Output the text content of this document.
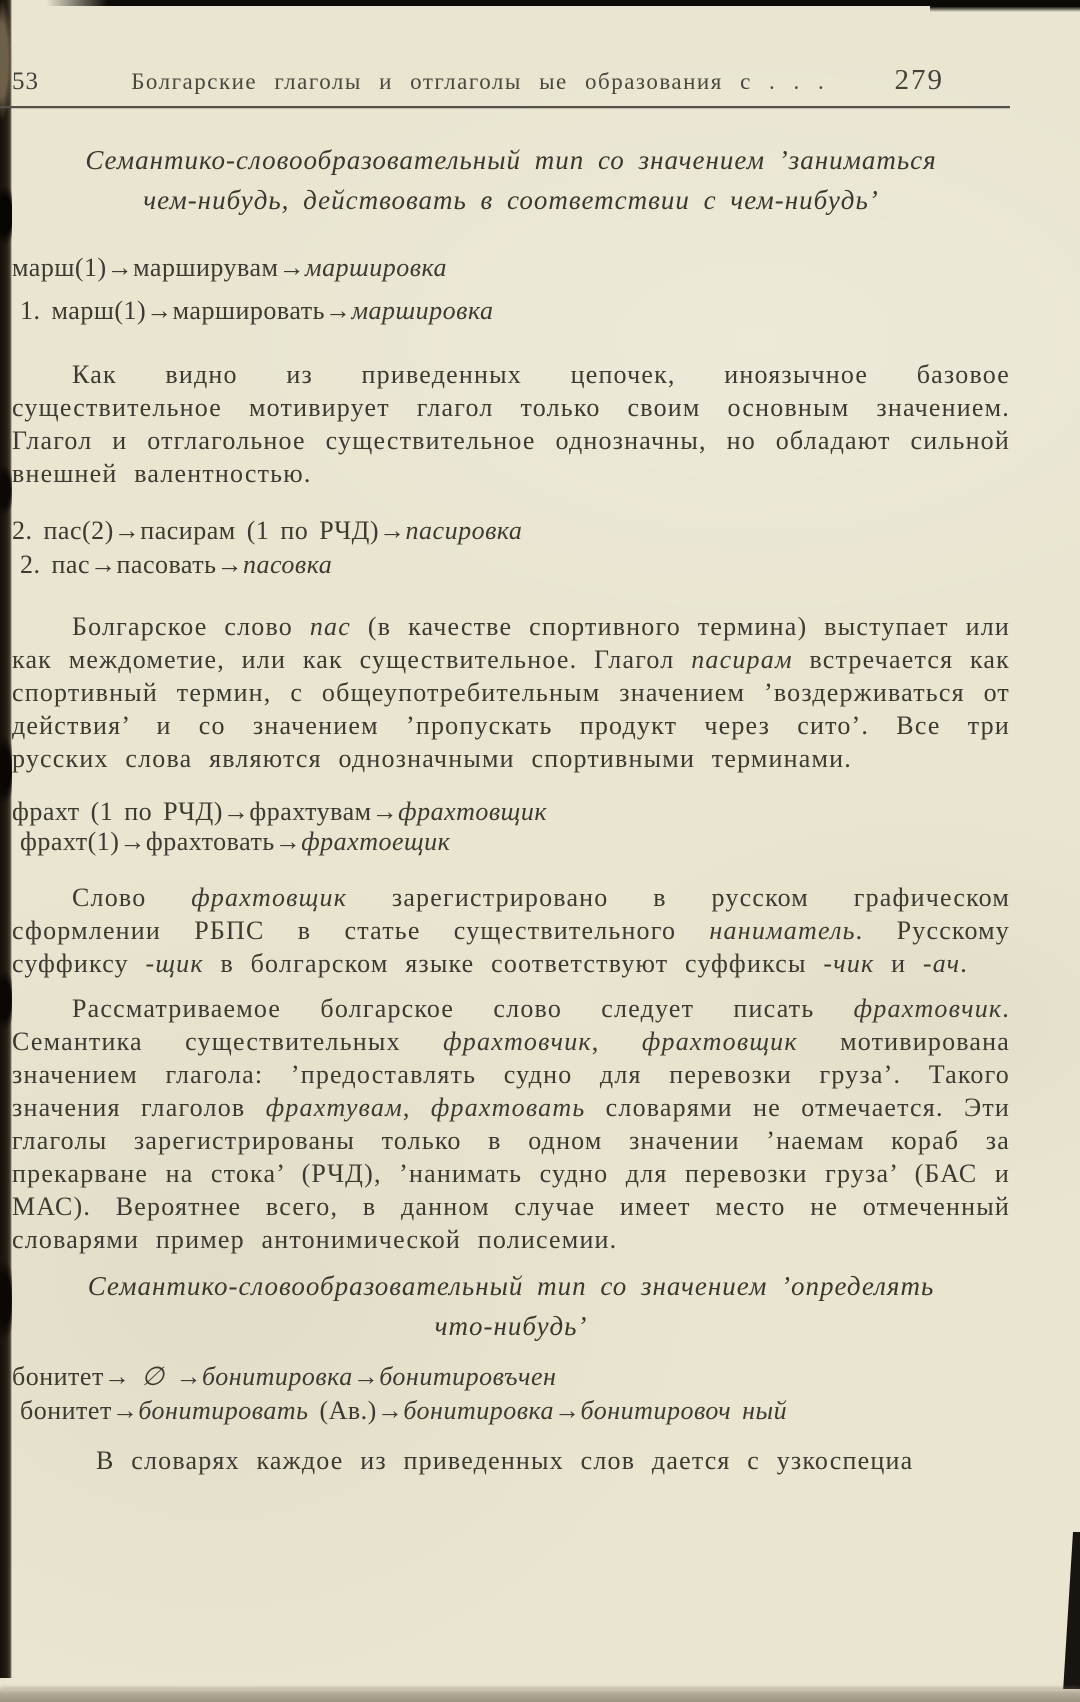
53	Болгарские глаголы и отглаголы ые образования с . . .	279
Семантико-словообразовательный тип со значением ’заниматься
чем-нибудь, действовать в соответствии с чем-нибудь’
марш(1)→марширувам→маршировка
1. марш(1)→маршировать→маршировка

Как видно из приведенных цепочек, иноязычное базовое существительное мотивирует глагол только своим основным значением. Глагол и отглагольное существительное однозначны, но обладают сильной внешней валентностью.

2. пас(2)→пасирам (1 по РЧД)→пасировка
2. пас→пасовать→пасовка

Болгарское слово пас (в качестве спортивного термина) выступает или как междометие, или как существительное. Глагол пасирам встречается как спортивный термин, с общеупотребительным значением ’воздерживаться от действия’ и со значением ’пропускать продукт через сито’. Все три русских слова являются однозначными спортивными терминами.

фрахт (1 по РЧД)→фрахтувам→фрахтовщик
фрахт(1)→фрахтовать→фрахтоещик

Слово фрахтовщик зарегистрировано в русском графическом сформлении РБПС в статье существительного наниматель. Русскому суффиксу -щик в болгарском языке соответствуют суффиксы -чик и -ач.

Рассматриваемое болгарское слово следует писать фрахтовчик. Семантика существительных фрахтовчик, фрахтовщик мотивирована значением глагола: ’предоставлять судно для перевозки груза’. Такого значения глаголов фрахтувам, фрахтовать словарями не отмечается. Эти глаголы зарегистрированы только в одном значении ’наемам кораб за прекарване на стока’ (РЧД), ’нанимать судно для перевозки груза’ (БАС и МАС). Вероятнее всего, в данном случае имеет место не отмеченный словарями пример антонимической полисемии.

Семантико-словообразовательный тип со значением ’определять
что-нибудь’
бонитет→ ∅ →бонитировка→бонитировъчен
бонитет→бонитировать (Ав.)→бонитировка→бонитировоч ный

В словарях каждое из приведенных слов дается с узкоспециа
